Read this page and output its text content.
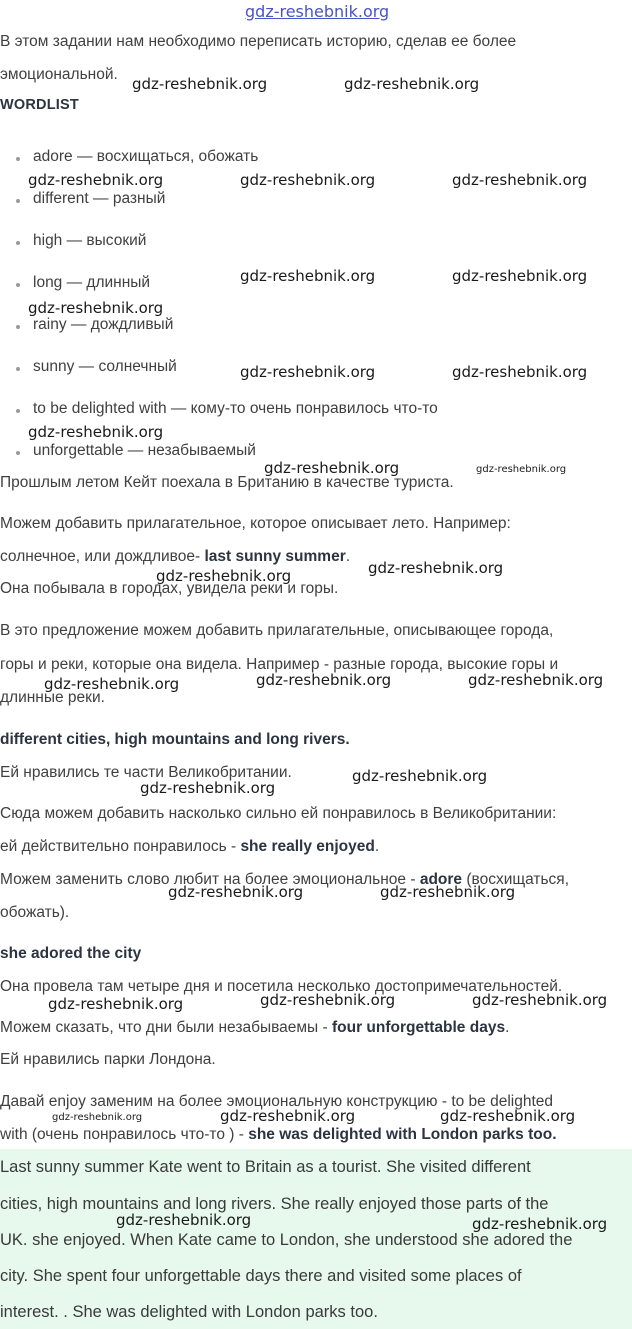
gdz-reshebnik.org
В этом задании нам необходимо переписать историю, сделав ее более
эмоциональной.
WORDLIST
adore — восхищаться, обожать
different — разный
high — высокий
long — длинный
rainy — дождливый
sunny — солнечный
to be delighted with — кому-то очень понравилось что-то
unforgettable — незабываемый
Прошлым летом Кейт поехала в Британию в качестве туриста.
Можем добавить прилагательное, которое описывает лето. Например:
солнечное, или дождливое- last sunny summer.
Она побывала в городах, увидела реки и горы.
В это предложение можем добавить прилагательные, описывающее города,
горы и реки, которые она видела. Например - разные города, высокие горы и
длинные реки.
different cities, high mountains and long rivers.
Ей нравились те части Великобритании.
Сюда можем добавить насколько сильно ей понравилось в Великобритании:
ей действительно понравилось - she really enjoyed.
Можем заменить слово любит на более эмоциональное - adore (восхищаться,
обожать).
she adored the city
Она провела там четыре дня и посетила несколько достопримечательностей.
Можем сказать, что дни были незабываемы - four unforgettable days.
Ей нравились парки Лондона.
Давай enjoy заменим на более эмоциональную конструкцию - to be delighted
with (очень понравилось что-то ) - she was delighted with London parks too.
Last sunny summer Kate went to Britain as a tourist. She visited different
cities, high mountains and long rivers. She really enjoyed those parts of the
UK. she enjoyed. When Kate came to London, she understood she adored the
city. She spent four unforgettable days there and visited some places of
interest. . She was delighted with London parks too.
gdz-reshebnik.org	gdz-reshebnik.org
gdz-reshebnik.org	gdz-reshebnik.org	gdz-reshebnik.org
gdz-reshebnik.org	gdz-reshebnik.org
gdz-reshebnik.org
gdz-reshebnik.org	gdz-reshebnik.org
gdz-reshebnik.org
gdz-reshebnik.org	gdz-reshebnik.org
gdz-reshebnik.org	gdz-reshebnik.org
gdz-reshebnik.org	gdz-reshebnik.org	gdz-reshebnik.org
gdz-reshebnik.org
gdz-reshebnik.org
gdz-reshebnik.org	gdz-reshebnik.org
gdz-reshebnik.org	gdz-reshebnik.org	gdz-reshebnik.org
gdz-reshebnik.org	gdz-reshebnik.org	gdz-reshebnik.org
gdz-reshebnik.org	gdz-reshebnik.org
